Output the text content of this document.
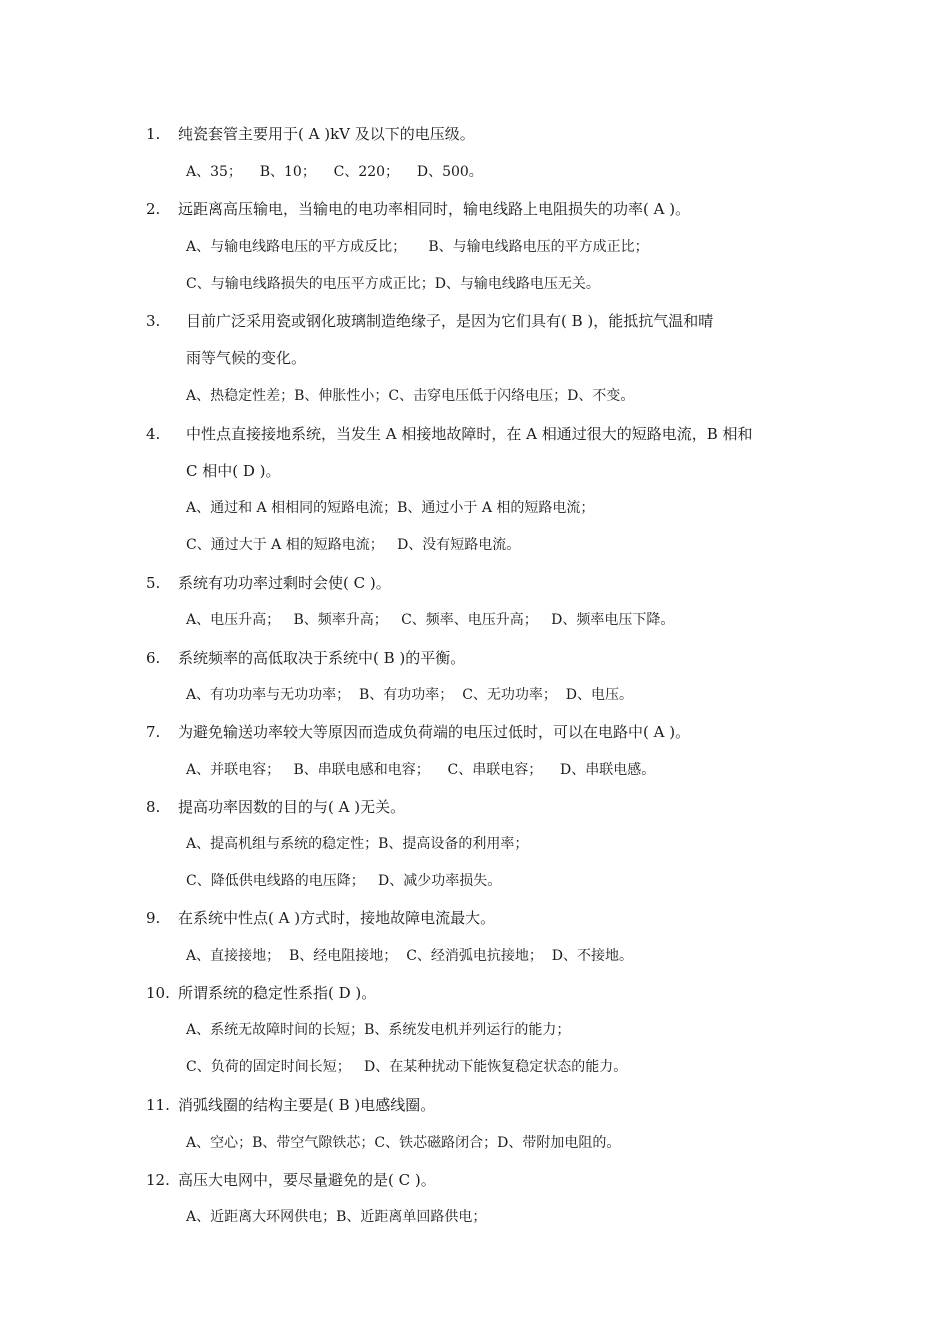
1. 纯瓷套管主要用于( A )kV 及以下的电压级。
A、35；    B、10；    C、220；    D、500。
2. 远距离高压输电，当输电的电功率相同时，输电线路上电阻损失的功率( A )。
A、与输电线路电压的平方成反比；     B、与输电线路电压的平方成正比；
C、与输电线路损失的电压平方成正比；D、与输电线路电压无关。
3. 目前广泛采用瓷或钢化玻璃制造绝缘子，是因为它们具有( B )，能抵抗气温和晴
雨等气候的变化。
A、热稳定性差；B、伸胀性小；C、击穿电压低于闪络电压；D、不变。
4. 中性点直接接地系统，当发生 A 相接地故障时，在 A 相通过很大的短路电流，B 相和
C 相中( D )。
A、通过和 A 相相同的短路电流；B、通过小于 A 相的短路电流；
C、通过大于 A 相的短路电流；   D、没有短路电流。
5. 系统有功功率过剩时会使( C )。
A、电压升高；   B、频率升高；   C、频率、电压升高；   D、频率电压下降。
6. 系统频率的高低取决于系统中( B )的平衡。
A、有功功率与无功功率；  B、有功功率；  C、无功功率；  D、电压。
7. 为避免输送功率较大等原因而造成负荷端的电压过低时，可以在电路中( A )。
A、并联电容；   B、串联电感和电容；    C、串联电容；    D、串联电感。
8. 提高功率因数的目的与( A )无关。
A、提高机组与系统的稳定性；B、提高设备的利用率；
C、降低供电线路的电压降；   D、减少功率损失。
9. 在系统中性点( A )方式时，接地故障电流最大。
A、直接接地；  B、经电阻接地；  C、经消弧电抗接地；  D、不接地。
10. 所谓系统的稳定性系指( D )。
A、系统无故障时间的长短；B、系统发电机并列运行的能力；
C、负荷的固定时间长短；   D、在某种扰动下能恢复稳定状态的能力。
11. 消弧线圈的结构主要是( B )电感线圈。
A、空心；B、带空气隙铁芯；C、铁芯磁路闭合；D、带附加电阻的。
12. 高压大电网中，要尽量避免的是( C )。
A、近距离大环网供电；B、近距离单回路供电；
